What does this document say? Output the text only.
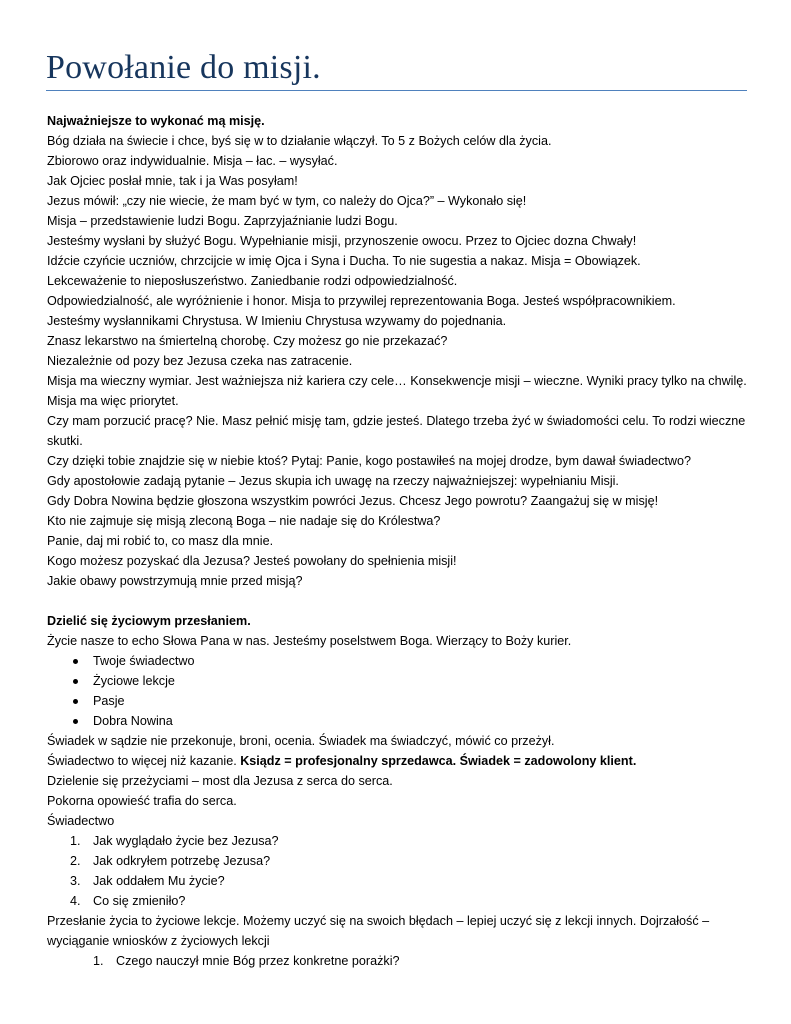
Powołanie do misji.
Najważniejsze to wykonać mą misję.
Bóg działa na świecie i chce, byś się w to działanie włączył. To 5 z Bożych celów dla życia.
Zbiorowo oraz indywidualnie. Misja – łac. – wysyłać.
Jak Ojciec posłał mnie, tak i ja Was posyłam!
Jezus mówił: „czy nie wiecie, że mam być w tym, co należy do Ojca?” – Wykonało się!
Misja – przedstawienie ludzi Bogu. Zaprzyjaźnianie ludzi Bogu.
Jesteśmy wysłani by służyć Bogu. Wypełnianie misji, przynoszenie owocu. Przez to Ojciec dozna Chwały!
Idźcie czyńcie uczniów, chrzcijcie w imię Ojca i Syna i Ducha. To nie sugestia a nakaz. Misja = Obowiązek.
Lekceważenie to nieposłuszeństwo. Zaniedbanie rodzi odpowiedzialność.
Odpowiedzialność, ale wyróżnienie i honor. Misja to przywilej reprezentowania Boga. Jesteś współpracownikiem.
Jesteśmy wysłannikami Chrystusa. W Imieniu Chrystusa wzywamy do pojednania.
Znasz lekarstwo na śmiertelną chorobę. Czy możesz go nie przekazać?
Niezależnie od pozy bez Jezusa czeka nas zatracenie.
Misja ma wieczny wymiar. Jest ważniejsza niż kariera czy cele… Konsekwencje misji – wieczne. Wyniki pracy tylko na chwilę. Misja ma więc priorytet.
Czy mam porzucić pracę? Nie. Masz pełnić misję tam, gdzie jesteś. Dlatego trzeba żyć w świadomości celu. To rodzi wieczne skutki.
Czy dzięki tobie znajdzie się w niebie ktoś? Pytaj: Panie, kogo postawiłeś na mojej drodze, bym dawał świadectwo?
Gdy apostołowie zadają pytanie – Jezus skupia ich uwagę na rzeczy najważniejszej: wypełnianiu Misji.
Gdy Dobra Nowina będzie głoszona wszystkim powróci Jezus. Chcesz Jego powrotu? Zaangażuj się w misję!
Kto nie zajmuje się misją zleconą Boga – nie nadaje się do Królestwa?
Panie, daj mi robić to, co masz dla mnie.
Kogo możesz pozyskać dla Jezusa? Jesteś powołany do spełnienia misji!
Jakie obawy powstrzymują mnie przed misją?
Dzielić się życiowym przesłaniem.
Życie nasze to echo Słowa Pana w nas. Jesteśmy poselstwem Boga. Wierzący to Boży kurier.
Twoje świadectwo
Życiowe lekcje
Pasje
Dobra Nowina
Świadek w sądzie nie przekonuje, broni, ocenia. Świadek ma świadczyć, mówić co przeżył.
Świadectwo to więcej niż kazanie. Ksiądz = profesjonalny sprzedawca. Świadek = zadowolony klient.
Dzielenie się przeżyciami – most dla Jezusa z serca do serca.
Pokorna opowieść trafia do serca.
Świadectwo
1. Jak wyglądało życie bez Jezusa?
2. Jak odkryłem potrzebę Jezusa?
3. Jak oddałem Mu życie?
4. Co się zmieniło?
Przesłanie życia to życiowe lekcje. Możemy uczyć się na swoich błędach – lepiej uczyć się z lekcji innych. Dojrzałość – wyciąganie wniosków z życiowych lekcji
1. Czego nauczył mnie Bóg przez konkretne porażki?
